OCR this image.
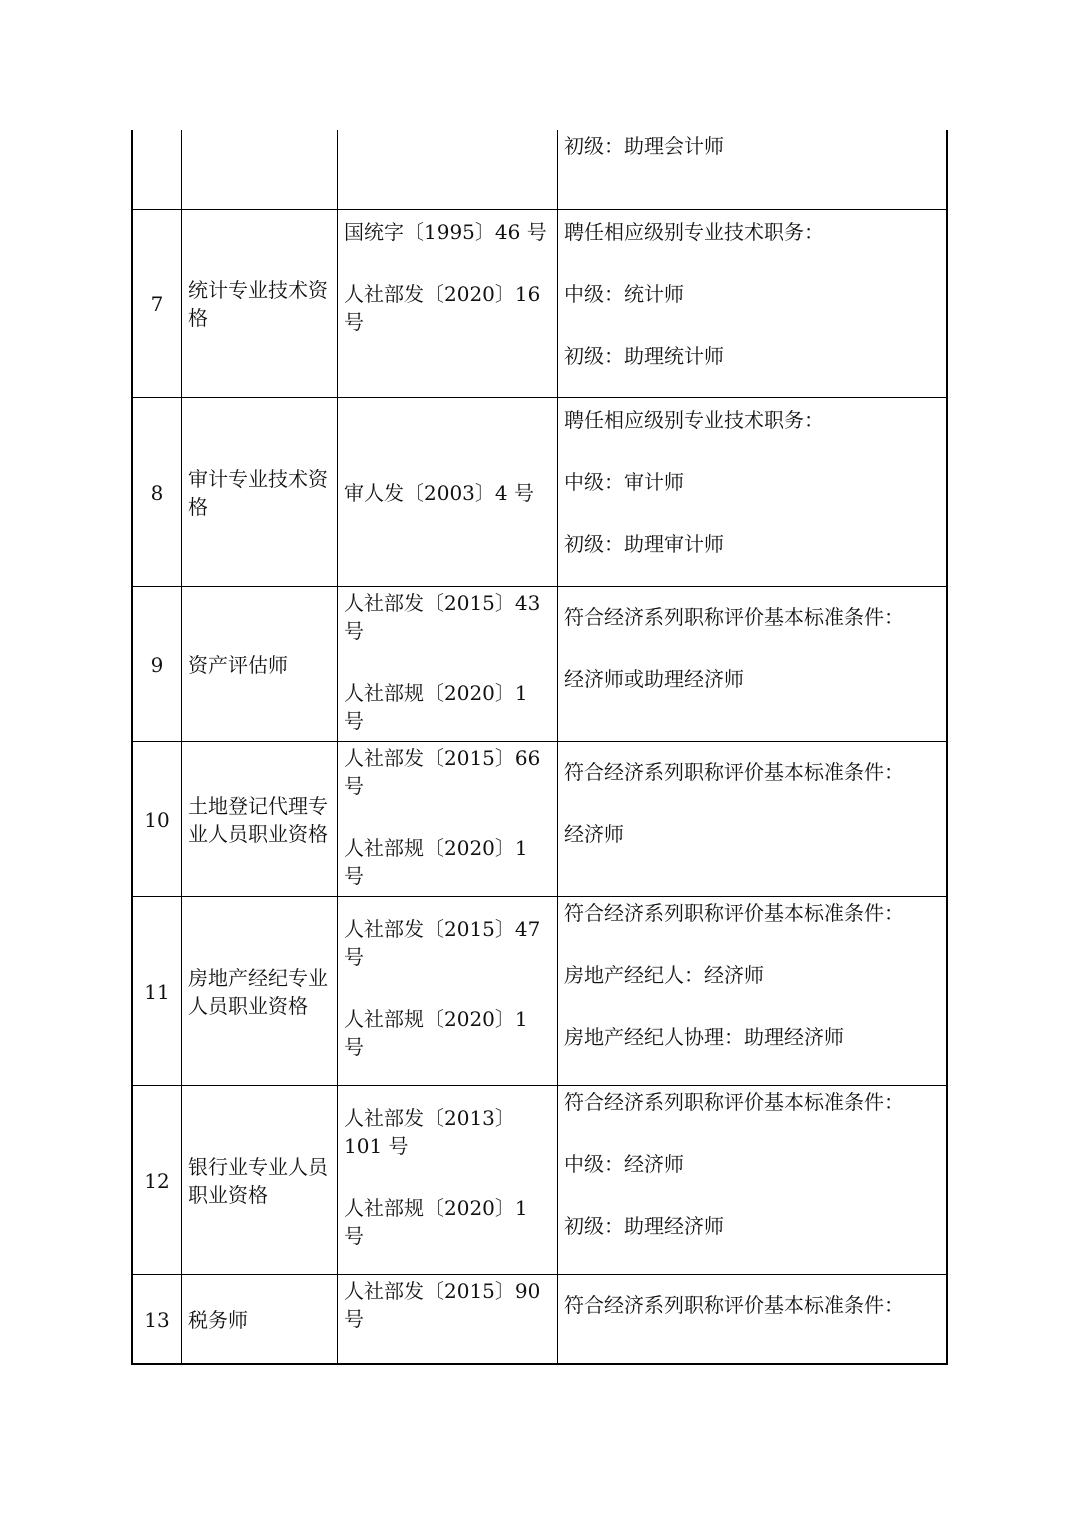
初级：助理会计师

7
统计专业技术资格

国统字〔1995〕46 号

人社部发〔2020〕16 号

聘任相应级别专业技术职务：

中级：统计师

初级：助理统计师

8
审计专业技术资格

审人发〔2003〕4 号

聘任相应级别专业技术职务：

中级：审计师

初级：助理审计师

9	资产评估师

人社部发〔2015〕43 号

人社部规〔2020〕1 号

符合经济系列职称评价基本标准条件：

经济师或助理经济师

10
土地登记代理专业人员职业资格

人社部发〔2015〕66 号

人社部规〔2020〕1 号

符合经济系列职称评价基本标准条件：

经济师

11
房地产经纪专业人员职业资格

人社部发〔2015〕47 号

人社部规〔2020〕1 号

符合经济系列职称评价基本标准条件：

房地产经纪人：经济师

房地产经纪人协理：助理经济师

12
银行业专业人员职业资格

人社部发〔2013〕101 号

人社部规〔2020〕1 号

符合经济系列职称评价基本标准条件：

中级：经济师

初级：助理经济师

13 税务师

人社部发〔2015〕90 号

符合经济系列职称评价基本标准条件：
